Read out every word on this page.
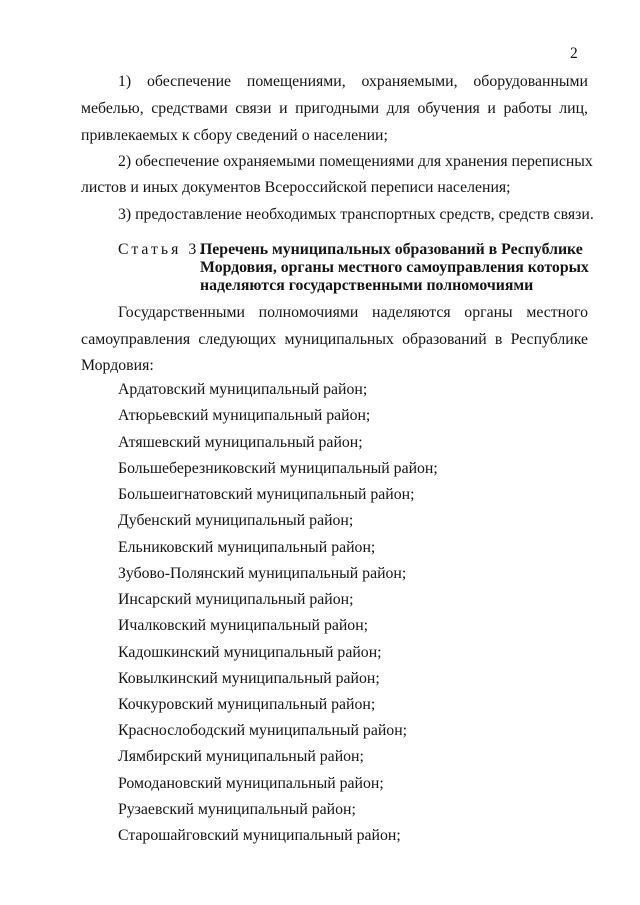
2
1) обеспечение помещениями, охраняемыми, оборудованными
мебелью, средствами связи и пригодными для обучения и работы лиц,
привлекаемых к сбору сведений о населении;
2) обеспечение охраняемыми помещениями для хранения переписных
листов и иных документов Всероссийской переписи населения;
3) предоставление необходимых транспортных средств, средств связи.
Статья 3.
Перечень муниципальных образований в Республике
Мордовия, органы местного самоуправления которых
наделяются государственными полномочиями
Государственными полномочиями наделяются органы местного
самоуправления следующих муниципальных образований в Республике
Мордовия:
Ардатовский муниципальный район;
Атюрьевский муниципальный район;
Атяшевский муниципальный район;
Большеберезниковский муниципальный район;
Большеигнатовский муниципальный район;
Дубенский муниципальный район;
Ельниковский муниципальный район;
Зубово-Полянский муниципальный район;
Инсарский муниципальный район;
Ичалковский муниципальный район;
Кадошкинский муниципальный район;
Ковылкинский муниципальный район;
Кочкуровский муниципальный район;
Краснослободский муниципальный район;
Лямбирский муниципальный район;
Ромодановский муниципальный район;
Рузаевский муниципальный район;
Старошайговский муниципальный район;
